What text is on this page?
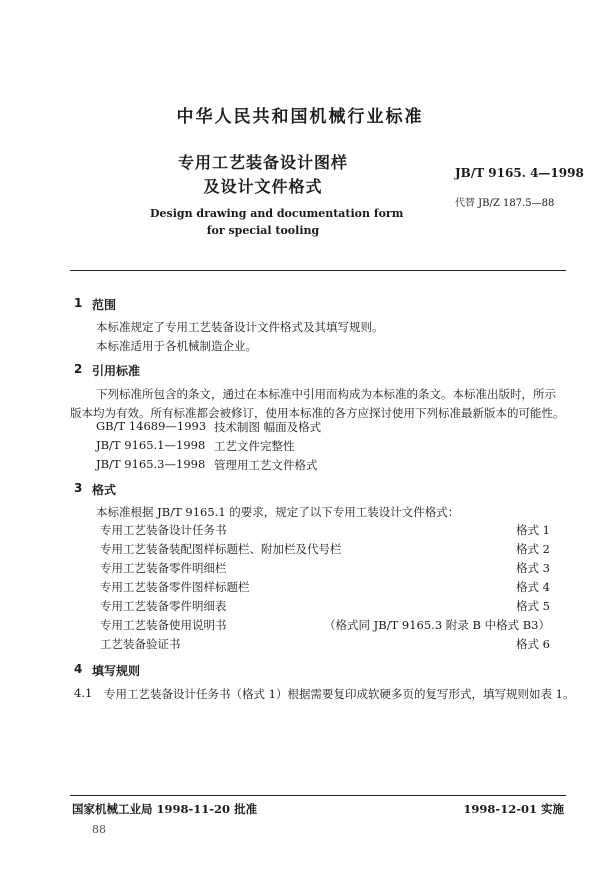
中华人民共和国机械行业标准
专用工艺装备设计图样
及设计文件格式
JB/T 9165. 4—1998
代替 JB/Z 187.5—88
Design drawing and documentation form
for special tooling
1 范围
本标准规定了专用工艺装备设计文件格式及其填写规则。
本标准适用于各机械制造企业。
2 引用标准
下列标准所包含的条文，通过在本标准中引用而构成为本标准的条文。本标准出版时，所示版本均为有效。所有标准都会被修订，使用本标准的各方应探讨使用下列标准最新版本的可能性。
GB/T 14689—1993 技术制图 幅面及格式
JB/T 9165.1—1998 工艺文件完整性
JB/T 9165.3—1998 管理用工艺文件格式
3 格式
本标准根据 JB/T 9165.1 的要求，规定了以下专用工装设计文件格式：
专用工艺装备设计任务书	格式 1
专用工艺装备装配图样标题栏、附加栏及代号栏	格式 2
专用工艺装备零件明细栏	格式 3
专用工艺装备零件图样标题栏	格式 4
专用工艺装备零件明细表	格式 5
专用工艺装备使用说明书	（格式同 JB/T 9165.3 附录 B 中格式 B3）
工艺装备验证书	格式 6
4 填写规则
4.1 专用工艺装备设计任务书（格式 1）根据需要复印成软硬多页的复写形式，填写规则如表 1。
国家机械工业局 1998-11-20 批准	1998-12-01 实施
88
